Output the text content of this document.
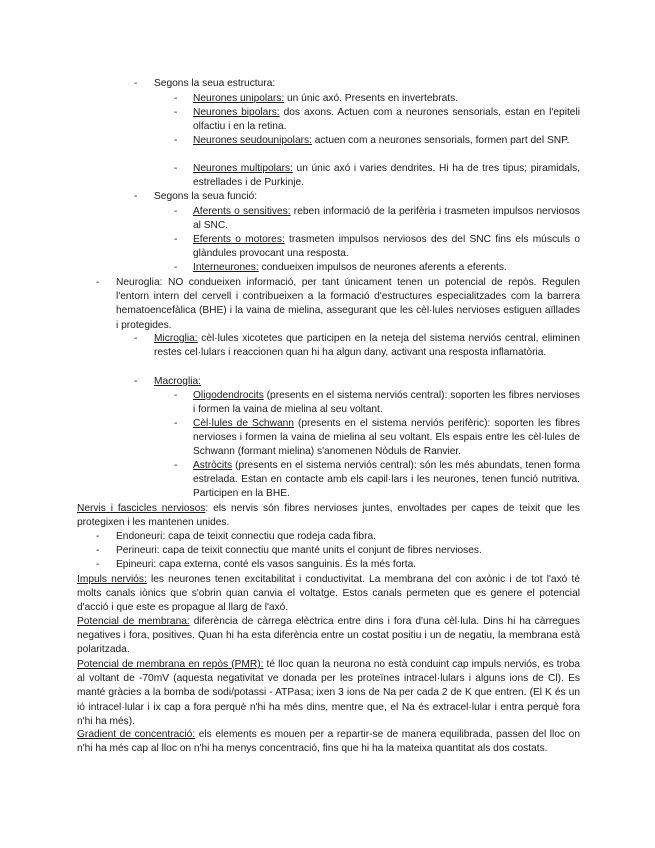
- Segons la seua estructura:
- Neurones unipolars: un únic axó. Presents en invertebrats.
- Neurones bipolars: dos axons. Actuen com a neurones sensorials, estan en l'epiteli olfactiu i en la retina.
- Neurones seudounipolars: actuen com a neurones sensorials, formen part del SNP.
- Neurones multipolars: un únic axó i varies dendrites. Hi ha de tres tipus; piramidals, estrellades i de Purkinje.
- Segons la seua funció:
- Aferents o sensitives: reben informació de la perifèria i trasmeten impulsos nerviosos al SNC.
- Eferents o motores: trasmeten impulsos nerviosos des del SNC fins els músculs o glàndules provocant una resposta.
- Interneurones: condueixen impulsos de neurones aferents a eferents.
- Neuroglia: NO condueixen informació, per tant únicament tenen un potencial de repòs. Regulen l'entorn intern del cervell i contribueixen a la formació d'estructures especialitzades com la barrera hematoencefàlica (BHE) i la vaina de mielina, assegurant que les cèl·lules nervioses estiguen aïllades i protegides.
- Microglia: cèl·lules xicotetes que participen en la neteja del sistema nerviós central, eliminen restes cel·lulars i reaccionen quan hi ha algun dany, activant una resposta inflamatòria.
- Macroglia:
- Oligodendrocits (presents en el sistema nerviós central): soporten les fibres nervioses i formen la vaina de mielina al seu voltant.
- Cèl·lules de Schwann (presents en el sistema nerviós perifèric): soporten les fibres nervioses i formen la vaina de mielina al seu voltant. Els espais entre les cèl·lules de Schwann (formant mielina) s'anomenen Nòduls de Ranvier.
- Astròcits (presents en el sistema nerviós central): són les més abundats, tenen forma estrelada. Estan en contacte amb els capil·lars i les neurones, tenen funció nutritiva. Participen en la BHE.
Nervis i fascicles nerviosos: els nervis són fibres nervioses juntes, envoltades per capes de teixit que les protegixen i les mantenen unides.
- Endoneuri: capa de teixit connectiu que rodeja cada fibra.
- Perineuri: capa de teixit connectiu que manté units el conjunt de fibres nervioses.
- Epineuri: capa externa, conté els vasos sanguinis. És la més forta.
Impuls nerviós: les neurones tenen excitabilitat i conductivitat. La membrana del con axònic i de tot l'axó té molts canals iònics que s'obrin quan canvia el voltatge. Estos canals permeten que es genere el potencial d'acció i que este es propague al llarg de l'axó.
Potencial de membrana: diferència de càrrega elèctrica entre dins i fora d'una cèl·lula. Dins hi ha càrregues negatives i fora, positives. Quan hi ha esta diferència entre un costat positiu i un de negatiu, la membrana està polaritzada.
Potencial de membrana en repòs (PMR): té lloc quan la neurona no està conduint cap impuls nerviós, es troba al voltant de -70mV (aquesta negativitat ve donada per les proteïnes intracel·lulars i alguns ions de Cl). Es manté gràcies a la bomba de sodi/potassi - ATPasa; ixen 3 ions de Na per cada 2 de K que entren. (El K és un ió intracel·lular i ix cap a fora perquè n'hi ha més dins, mentre que, el Na és extracel·lular i entra perquè fora n'hi ha més).
Gradient de concentració: els elements es mouen per a repartir-se de manera equilibrada, passen del lloc on n'hi ha més cap al lloc on n'hi ha menys concentració, fins que hi ha la mateixa quantitat als dos costats.
